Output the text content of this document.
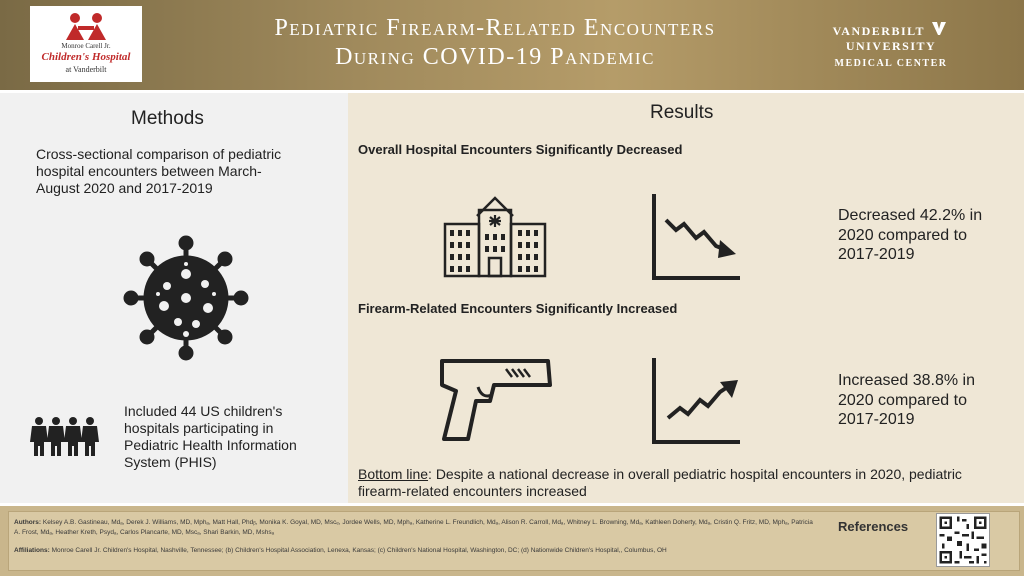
Monroe Carell Jr.
Children's Hospital
at Vanderbilt
Pediatric Firearm-Related Encounters
During COVID-19 Pandemic
VANDERBILT  UNIVERSITY
MEDICAL CENTER
Methods
Cross-sectional comparison of pediatric hospital encounters between March-August 2020 and 2017-2019
Included 44 US children's hospitals participating in Pediatric Health Information System (PHIS)
Results
Overall Hospital Encounters Significantly Decreased
Decreased 42.2% in 2020 compared to 2017-2019
Firearm-Related Encounters Significantly Increased
Increased 38.8% in 2020 compared to 2017-2019
Bottom line: Despite a national decrease in overall pediatric hospital encounters in 2020, pediatric firearm-related encounters increased
Authors: Kelsey A.B. Gastineau, Mdₐ, Derek J. Williams, MD, Mphₐ, Matt Hall, Phdᵦ, Monika K. Goyal, MD, Mscₑ, Jordee Wells, MD, Mphₐ, Katherine L. Freundlich, Mdₐ, Alison R. Carroll, Mdₐ, Whitney L. Browning, Mdₐ, Kathleen Doherty, Mdₐ, Cristin Q. Fritz, MD, Mphₐ, Patricia A. Frost, Mdₐ, Heather Kreth, Psydₐ, Carlos Plancarte, MD, Mscₐ, Shari Barkin, MD, Mshsₐ
Affiliations: Monroe Carell Jr. Children's Hospital, Nashville, Tennessee; (b) Children's Hospital Association, Lenexa, Kansas; (c) Children's National Hospital, Washington, DC; (d) Nationwide Children's Hospital,, Columbus, OH
References
